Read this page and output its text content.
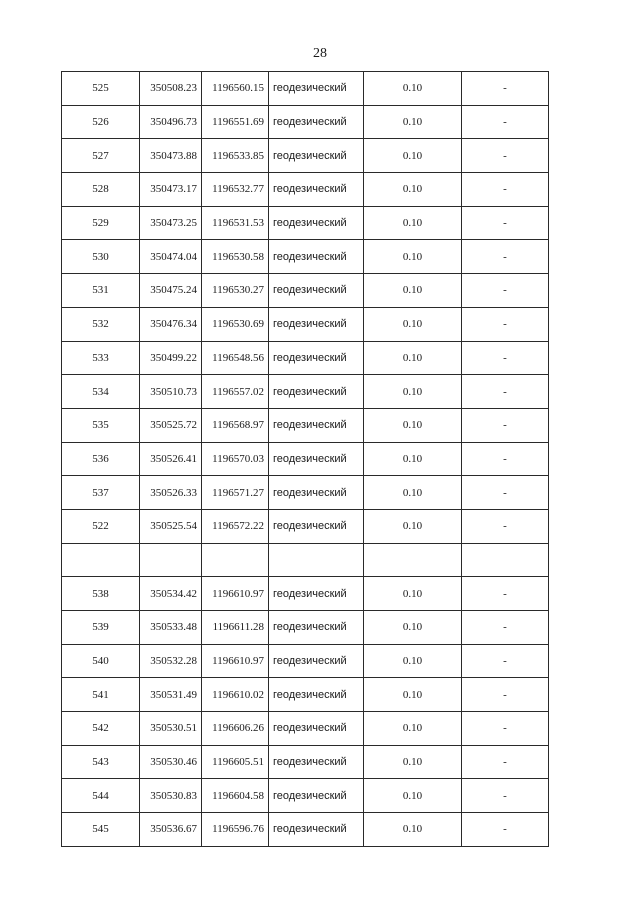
28
525	350508.23	1196560.15	геодезический	0.10	-
526	350496.73	1196551.69	геодезический	0.10	-
527	350473.88	1196533.85	геодезический	0.10	-
528	350473.17	1196532.77	геодезический	0.10	-
529	350473.25	1196531.53	геодезический	0.10	-
530	350474.04	1196530.58	геодезический	0.10	-
531	350475.24	1196530.27	геодезический	0.10	-
532	350476.34	1196530.69	геодезический	0.10	-
533	350499.22	1196548.56	геодезический	0.10	-
534	350510.73	1196557.02	геодезический	0.10	-
535	350525.72	1196568.97	геодезический	0.10	-
536	350526.41	1196570.03	геодезический	0.10	-
537	350526.33	1196571.27	геодезический	0.10	-
522	350525.54	1196572.22	геодезический	0.10	-

538	350534.42	1196610.97	геодезический	0.10	-
539	350533.48	1196611.28	геодезический	0.10	-
540	350532.28	1196610.97	геодезический	0.10	-
541	350531.49	1196610.02	геодезический	0.10	-
542	350530.51	1196606.26	геодезический	0.10	-
543	350530.46	1196605.51	геодезический	0.10	-
544	350530.83	1196604.58	геодезический	0.10	-
545	350536.67	1196596.76	геодезический	0.10	-
